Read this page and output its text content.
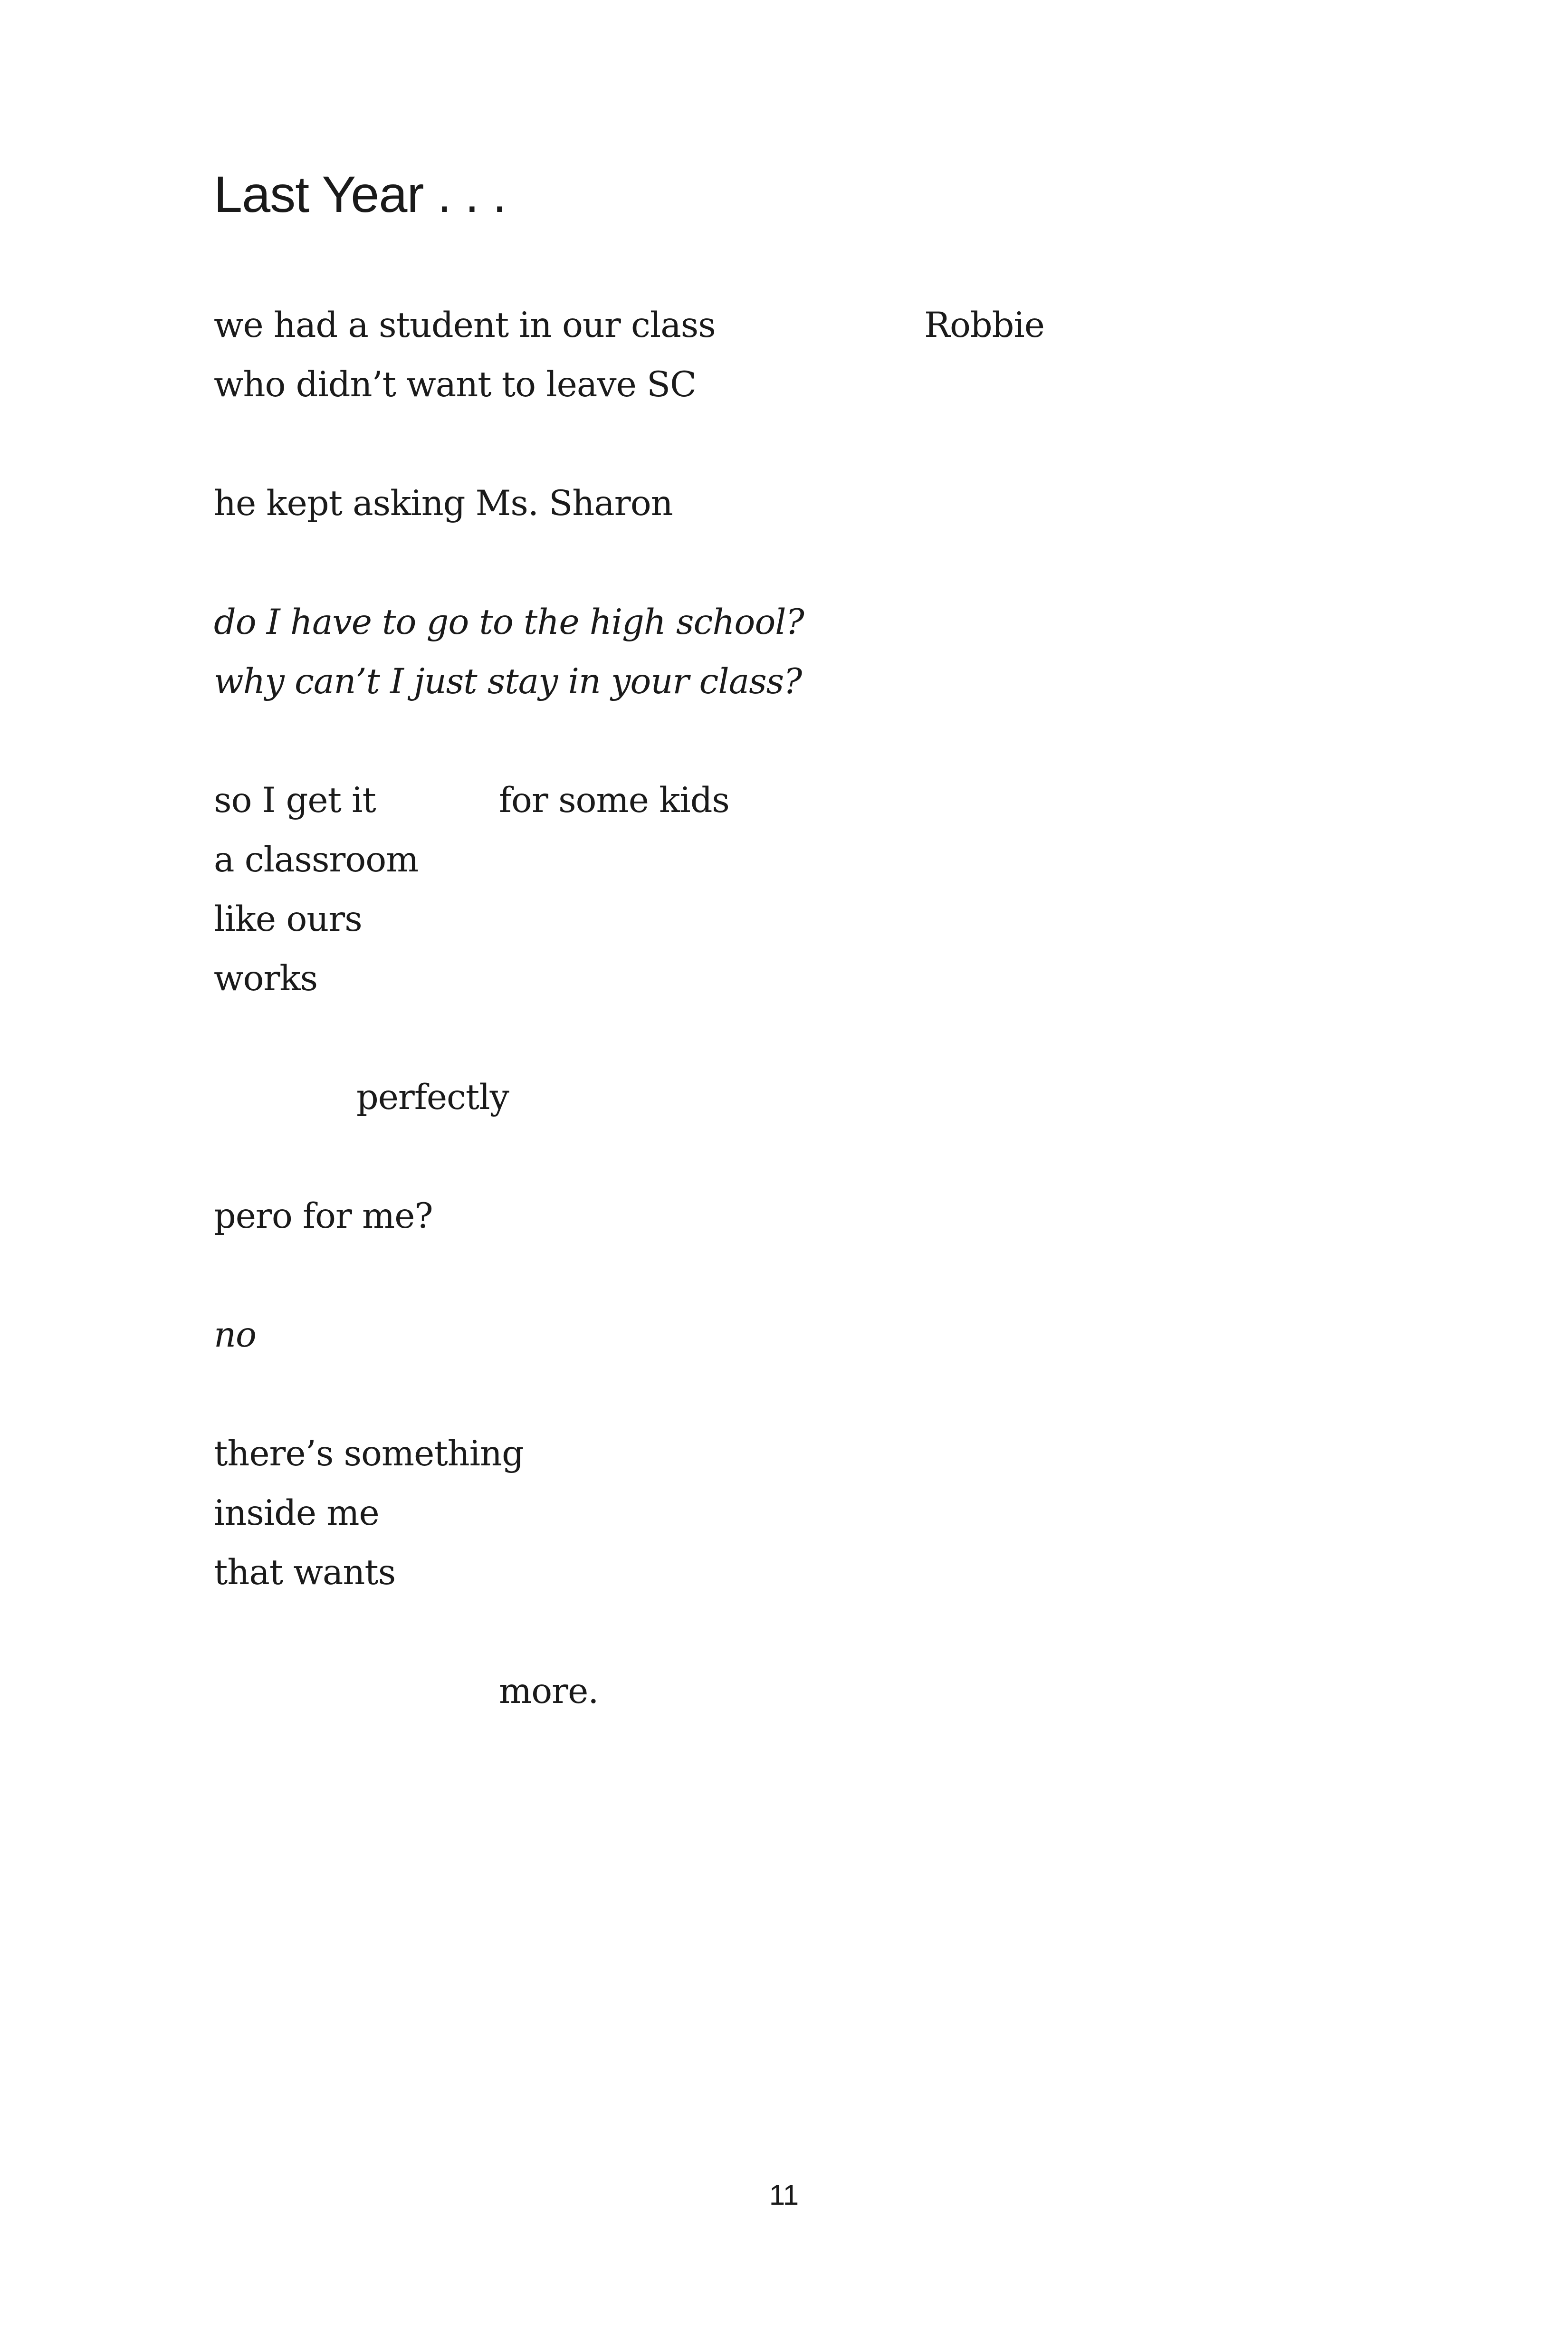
Last Year . . .
we had a student in our class	Robbie
who didn’t want to leave SC
he kept asking Ms. Sharon
do I have to go to the high school?
why can’t I just stay in your class?
so I get it	for some kids
a classroom
like ours
works
perfectly
pero for me?
no
there’s something
inside me
that wants
more.
11
